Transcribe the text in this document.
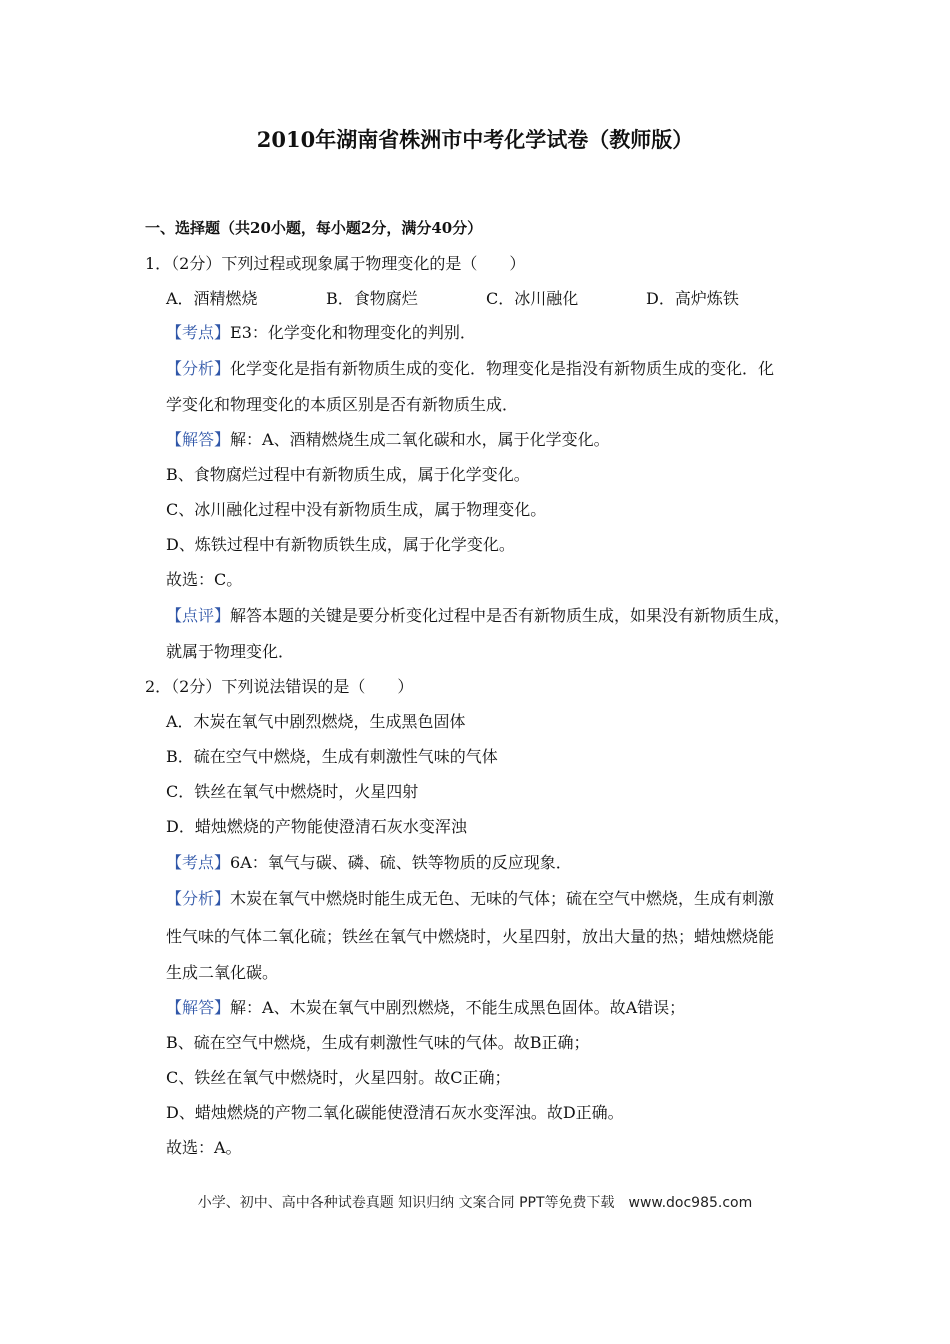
2010年湖南省株洲市中考化学试卷（教师版）
一、选择题（共20小题，每小题2分，满分40分）
1．（2分）下列过程或现象属于物理变化的是（　　）
A．酒精燃烧	B．食物腐烂	C．冰川融化	D．高炉炼铁
【考点】E3：化学变化和物理变化的判别．
【分析】化学变化是指有新物质生成的变化．物理变化是指没有新物质生成的变化．化
学变化和物理变化的本质区别是否有新物质生成．
【解答】解：A、酒精燃烧生成二氧化碳和水，属于化学变化。
B、食物腐烂过程中有新物质生成，属于化学变化。
C、冰川融化过程中没有新物质生成，属于物理变化。
D、炼铁过程中有新物质铁生成，属于化学变化。
故选：C。
【点评】解答本题的关键是要分析变化过程中是否有新物质生成，如果没有新物质生成，
就属于物理变化．
2．（2分）下列说法错误的是（　　）
A．木炭在氧气中剧烈燃烧，生成黑色固体
B．硫在空气中燃烧，生成有刺激性气味的气体
C．铁丝在氧气中燃烧时，火星四射
D．蜡烛燃烧的产物能使澄清石灰水变浑浊
【考点】6A：氧气与碳、磷、硫、铁等物质的反应现象．
【分析】木炭在氧气中燃烧时能生成无色、无味的气体；硫在空气中燃烧，生成有刺激
性气味的气体二氧化硫；铁丝在氧气中燃烧时，火星四射，放出大量的热；蜡烛燃烧能
生成二氧化碳。
【解答】解：A、木炭在氧气中剧烈燃烧，不能生成黑色固体。故A错误；
B、硫在空气中燃烧，生成有刺激性气味的气体。故B正确；
C、铁丝在氧气中燃烧时，火星四射。故C正确；
D、蜡烛燃烧的产物二氧化碳能使澄清石灰水变浑浊。故D正确。
故选：A。
小学、初中、高中各种试卷真题 知识归纳 文案合同 PPT等免费下载　www.doc985.com
